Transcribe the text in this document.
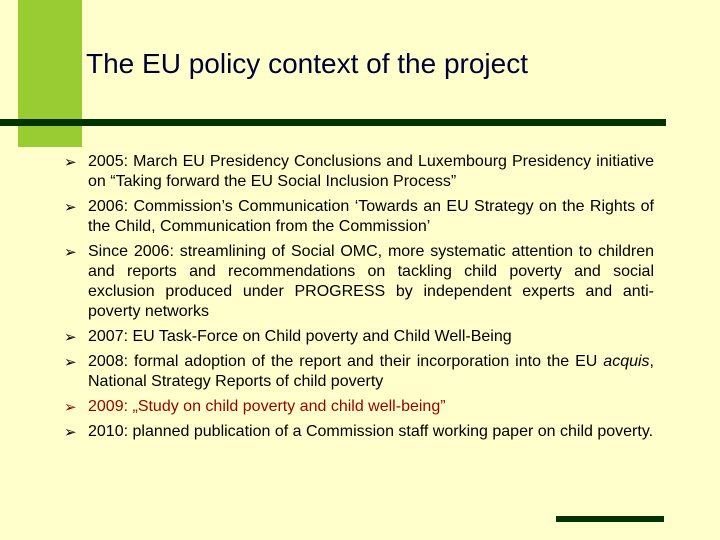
The EU policy context of the project
➢ 2005: March EU Presidency Conclusions and Luxembourg Presidency initiative on “Taking forward the EU Social Inclusion Process”
➢ 2006: Commission’s Communication ‘Towards an EU Strategy on the Rights of the Child, Communication from the Commission’
➢ Since 2006: streamlining of Social OMC, more systematic attention to children and reports and recommendations on tackling child poverty and social exclusion produced under PROGRESS by independent experts and anti-poverty networks
➢ 2007: EU Task-Force on Child poverty and Child Well-Being
➢ 2008: formal adoption of the report and their incorporation into the EU acquis, National Strategy Reports of child poverty
➢ 2009: „Study on child poverty and child well-being”
➢ 2010: planned publication of a Commission staff working paper on child poverty.
